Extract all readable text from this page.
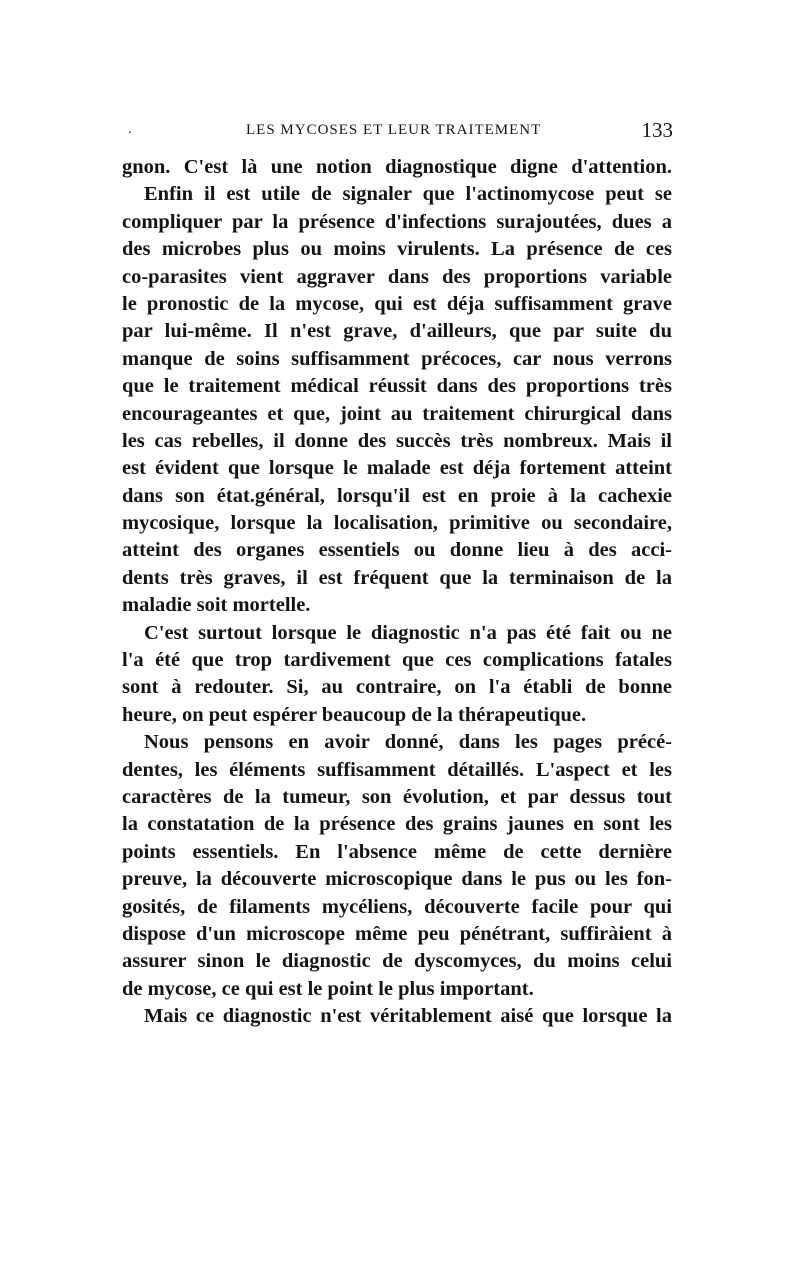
.	LES MYCOSES ET LEUR TRAITEMENT	133
gnon. C'est là une notion diagnostique digne d'attention.
Enfin il est utile de signaler que l'actinomycose peut se
compliquer par la présence d'infections surajoutées, dues a
des microbes plus ou moins virulents. La présence de ces
co-parasites vient aggraver dans des proportions variable
le pronostic de la mycose, qui est déja suffisamment grave
par lui-même. Il n'est grave, d'ailleurs, que par suite du
manque de soins suffisamment précoces, car nous verrons
que le traitement médical réussit dans des proportions très
encourageantes et que, joint au traitement chirurgical dans
les cas rebelles, il donne des succès très nombreux. Mais il
est évident que lorsque le malade est déja fortement atteint
dans son état.général, lorsqu'il est en proie à la cachexie
mycosique, lorsque la localisation, primitive ou secondaire,
atteint des organes essentiels ou donne lieu à des acci-
dents très graves, il est fréquent que la terminaison de la
maladie soit mortelle.
C'est surtout lorsque le diagnostic n'a pas été fait ou ne
l'a été que trop tardivement que ces complications fatales
sont à redouter. Si, au contraire, on l'a établi de bonne
heure, on peut espérer beaucoup de la thérapeutique.
Nous pensons en avoir donné, dans les pages précé-
dentes, les éléments suffisamment détaillés. L'aspect et les
caractères de la tumeur, son évolution, et par dessus tout
la constatation de la présence des grains jaunes en sont les
points essentiels. En l'absence même de cette dernière
preuve, la découverte microscopique dans le pus ou les fon-
gosités, de filaments mycéliens, découverte facile pour qui
dispose d'un microscope même peu pénétrant, suffiràient à
assurer sinon le diagnostic de dyscomyces, du moins celui
de mycose, ce qui est le point le plus important.
Mais ce diagnostic n'est véritablement aisé que lorsque la
